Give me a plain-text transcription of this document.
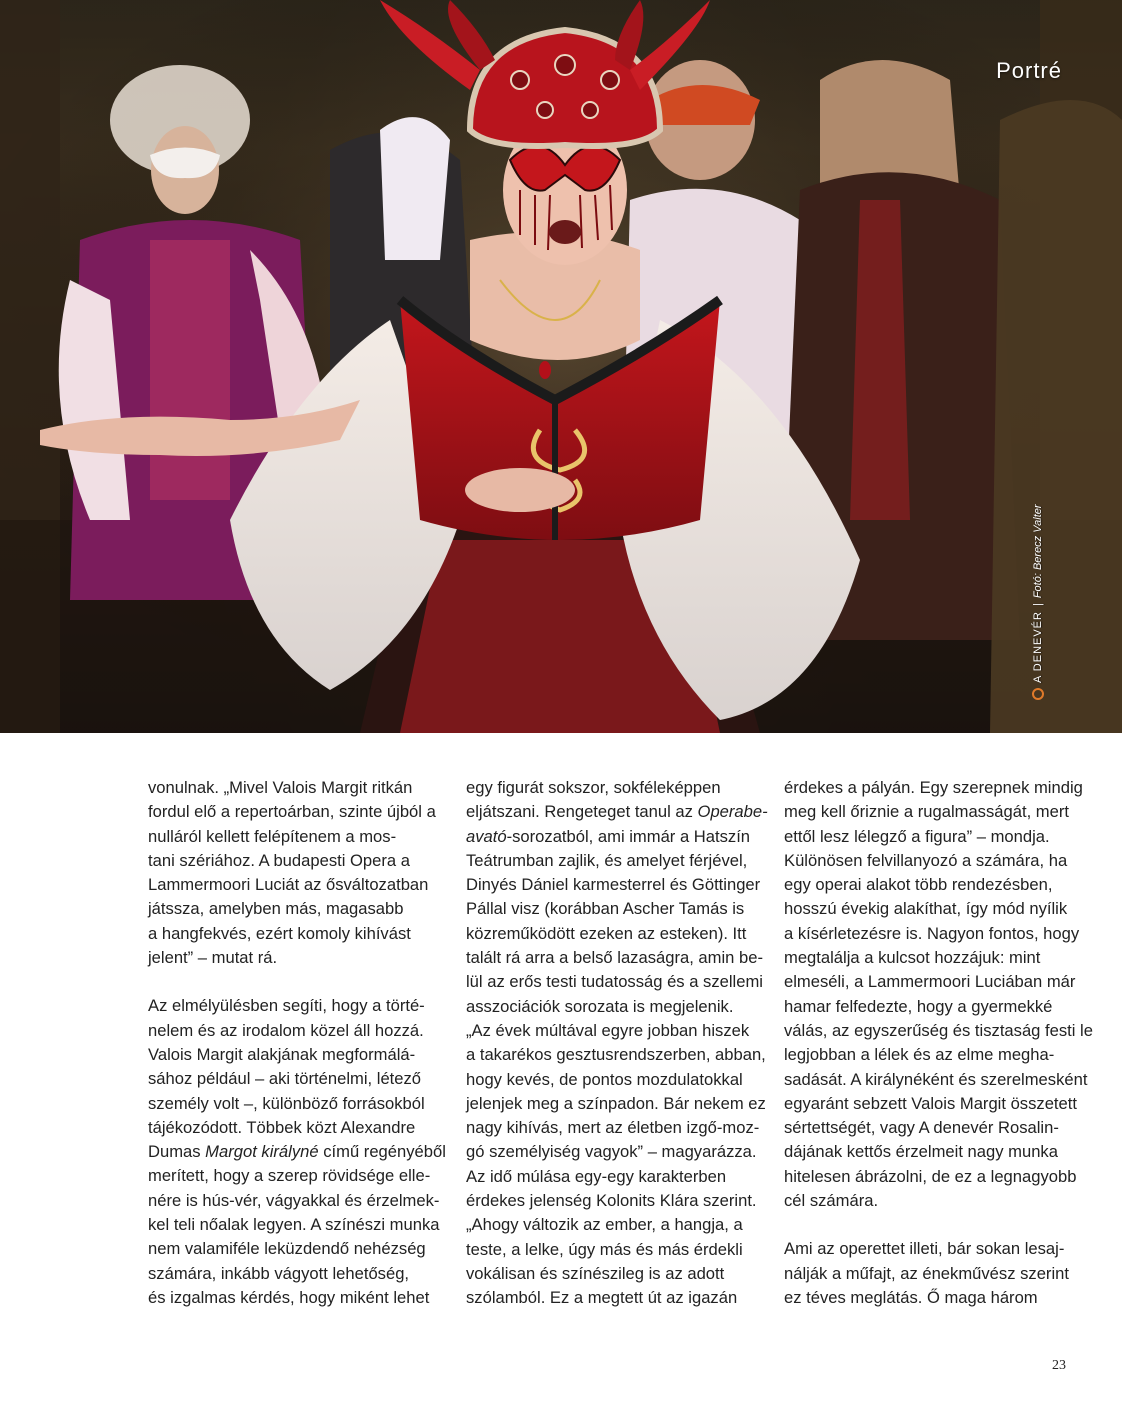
Portré
A DENEVÉR
|
Fotó: Berecz Valter

vonulnak. „Mivel Valois Margit ritkán
fordul elő a repertoárban, szinte újból a
nulláról kellett felépítenem a mos-
tani szériához. A budapesti Opera a
Lammermoori Luciát az ősváltozatban
játssza, amelyben más, magasabb
a hangfekvés, ezért komoly kihívást
jelent” – mutat rá.

Az elmélyülésben segíti, hogy a törté-
nelem és az irodalom közel áll hozzá.
Valois Margit alakjának megformálá-
sához például – aki történelmi, létező
személy volt –, különböző forrásokból
tájékozódott. Többek közt Alexandre
Dumas Margot királyné című regényéből
merített, hogy a szerep rövidsége elle-
nére is hús-vér, vágyakkal és érzelmek-
kel teli nőalak legyen. A színészi munka
nem valamiféle leküzdendő nehézség
számára, inkább vágyott lehetőség,
és izgalmas kérdés, hogy miként lehet

egy figurát sokszor, sokféleképpen
eljátszani. Rengeteget tanul az Operabe-
avató-sorozatból, ami immár a Hatszín
Teátrumban zajlik, és amelyet férjével,
Dinyés Dániel karmesterrel és Göttinger
Pállal visz (korábban Ascher Tamás is
közreműködött ezeken az esteken). Itt
talált rá arra a belső lazaságra, amin be-
lül az erős testi tudatosság és a szellemi
asszociációk sorozata is megjelenik.
„Az évek múltával egyre jobban hiszek
a takarékos gesztusrendszerben, abban,
hogy kevés, de pontos mozdulatokkal
jelenjek meg a színpadon. Bár nekem ez
nagy kihívás, mert az életben izgő-moz-
gó személyiség vagyok” – magyarázza.
Az idő múlása egy-egy karakterben
érdekes jelenség Kolonits Klára szerint.
„Ahogy változik az ember, a hangja, a
teste, a lelke, úgy más és más érdekli
vokálisan és színészileg is az adott
szólamból. Ez a megtett út az igazán

érdekes a pályán. Egy szerepnek mindig
meg kell őriznie a rugalmasságát, mert
ettől lesz lélegző a figura” – mondja.
Különösen felvillanyozó a számára, ha
egy operai alakot több rendezésben,
hosszú évekig alakíthat, így mód nyílik
a kísérletezésre is. Nagyon fontos, hogy
megtalálja a kulcsot hozzájuk: mint
elmeséli, a Lammermoori Luciában már
hamar felfedezte, hogy a gyermekké
válás, az egyszerűség és tisztaság festi le
legjobban a lélek és az elme megha-
sadását. A királynéként és szerelmesként
egyaránt sebzett Valois Margit összetett
sértettségét, vagy A denevér Rosalin-
dájának kettős érzelmeit nagy munka
hitelesen ábrázolni, de ez a legnagyobb
cél számára.

Ami az operettet illeti, bár sokan lesaj-
nálják a műfajt, az énekművész szerint
ez téves meglátás. Ő maga három

23
